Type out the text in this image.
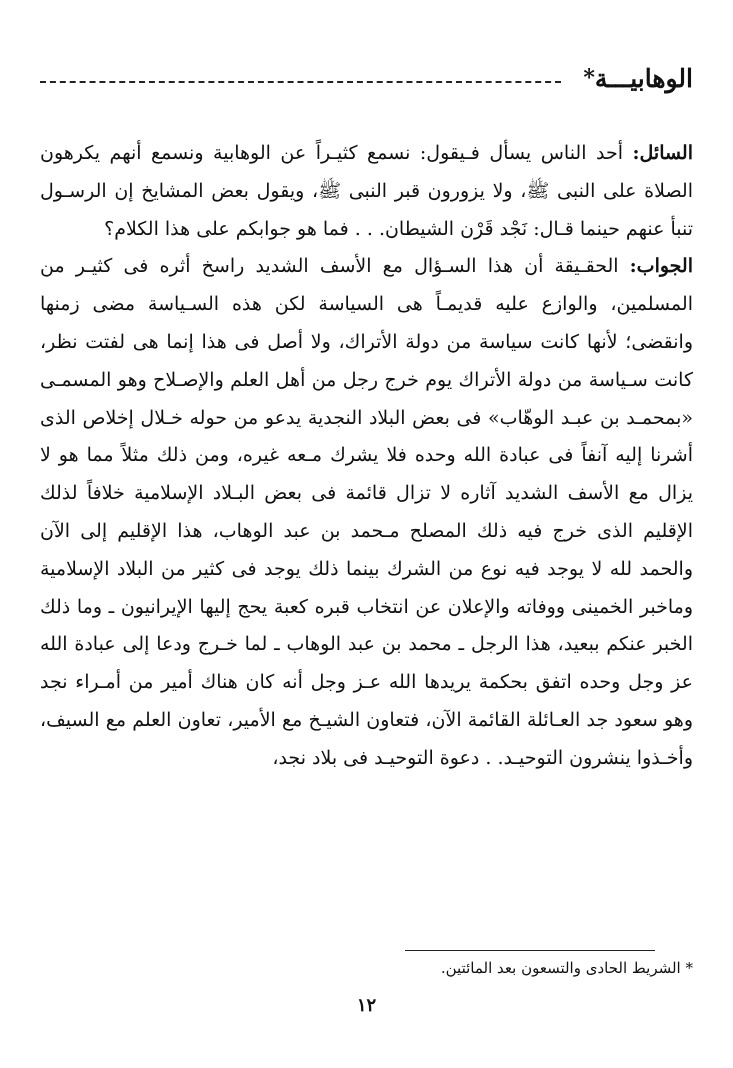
الوهابيـــة
*

السائل: أحد الناس يسأل فـيقول: نسمع كثيـراً عن الوهابية ونسمع أنهم يكرهون الصلاة على النبى ﷺ، ولا يزورون قبر النبى ﷺ، ويقول بعض المشايخ إن الرسـول تنبأ عنهم حينما قـال: نَجْد قَرْن الشيطان. . . فما هو جوابكم على هذا الكلام؟

الجواب: الحقـيقة أن هذا السـؤال مع الأسف الشديد راسخ أثره فى كثيـر من المسلمين، والوازع عليه قديمـاً هى السياسة لكن هذه السـياسة مضى زمنها وانقضى؛ لأنها كانت سياسة من دولة الأتراك، ولا أصل فى هذا إنما هى لفتت نظر، كانت سـياسة من دولة الأتراك يوم خرج رجل من أهل العلم والإصـلاح وهو المسمـى «بمحمـد بن عبـد الوهّاب» فى بعض البلاد النجدية يدعو من حوله خـلال إخلاص الذى أشرنا إليه آنفاً فى عبادة الله وحده فلا يشرك مـعه غيره، ومن ذلك مثلاً مما هو لا يزال مع الأسف الشديد آثاره لا تزال قائمة فى بعض البـلاد الإسلامية خلافاً لذلك الإقليم الذى خرج فيه ذلك المصلح مـحمد بن عبد الوهاب، هذا الإقليم إلى الآن والحمد لله لا يوجد فيه نوع من الشرك بينما ذلك يوجد فى كثير من البلاد الإسلامية وماخبر الخمينى ووفاته والإعلان عن انتخاب قبره كعبة يحج إليها الإيرانيون ـ وما ذلك الخبر عنكم ببعيد، هذا الرجل ـ محمد بن عبد الوهاب ـ لما خـرج ودعا إلى عبادة الله عز وجل وحده اتفق بحكمة يريدها الله عـز وجل أنه كان هناك أمير من أمـراء نجد وهو سعود جد العـائلة القائمة الآن، فتعاون الشيـخ مع الأمير، تعاون العلم مع السيف، وأخـذوا ينشرون التوحيـد. . دعوة التوحيـد فى بلاد نجد،

* الشريط الحادى والتسعون بعد المائتين.
١٢
